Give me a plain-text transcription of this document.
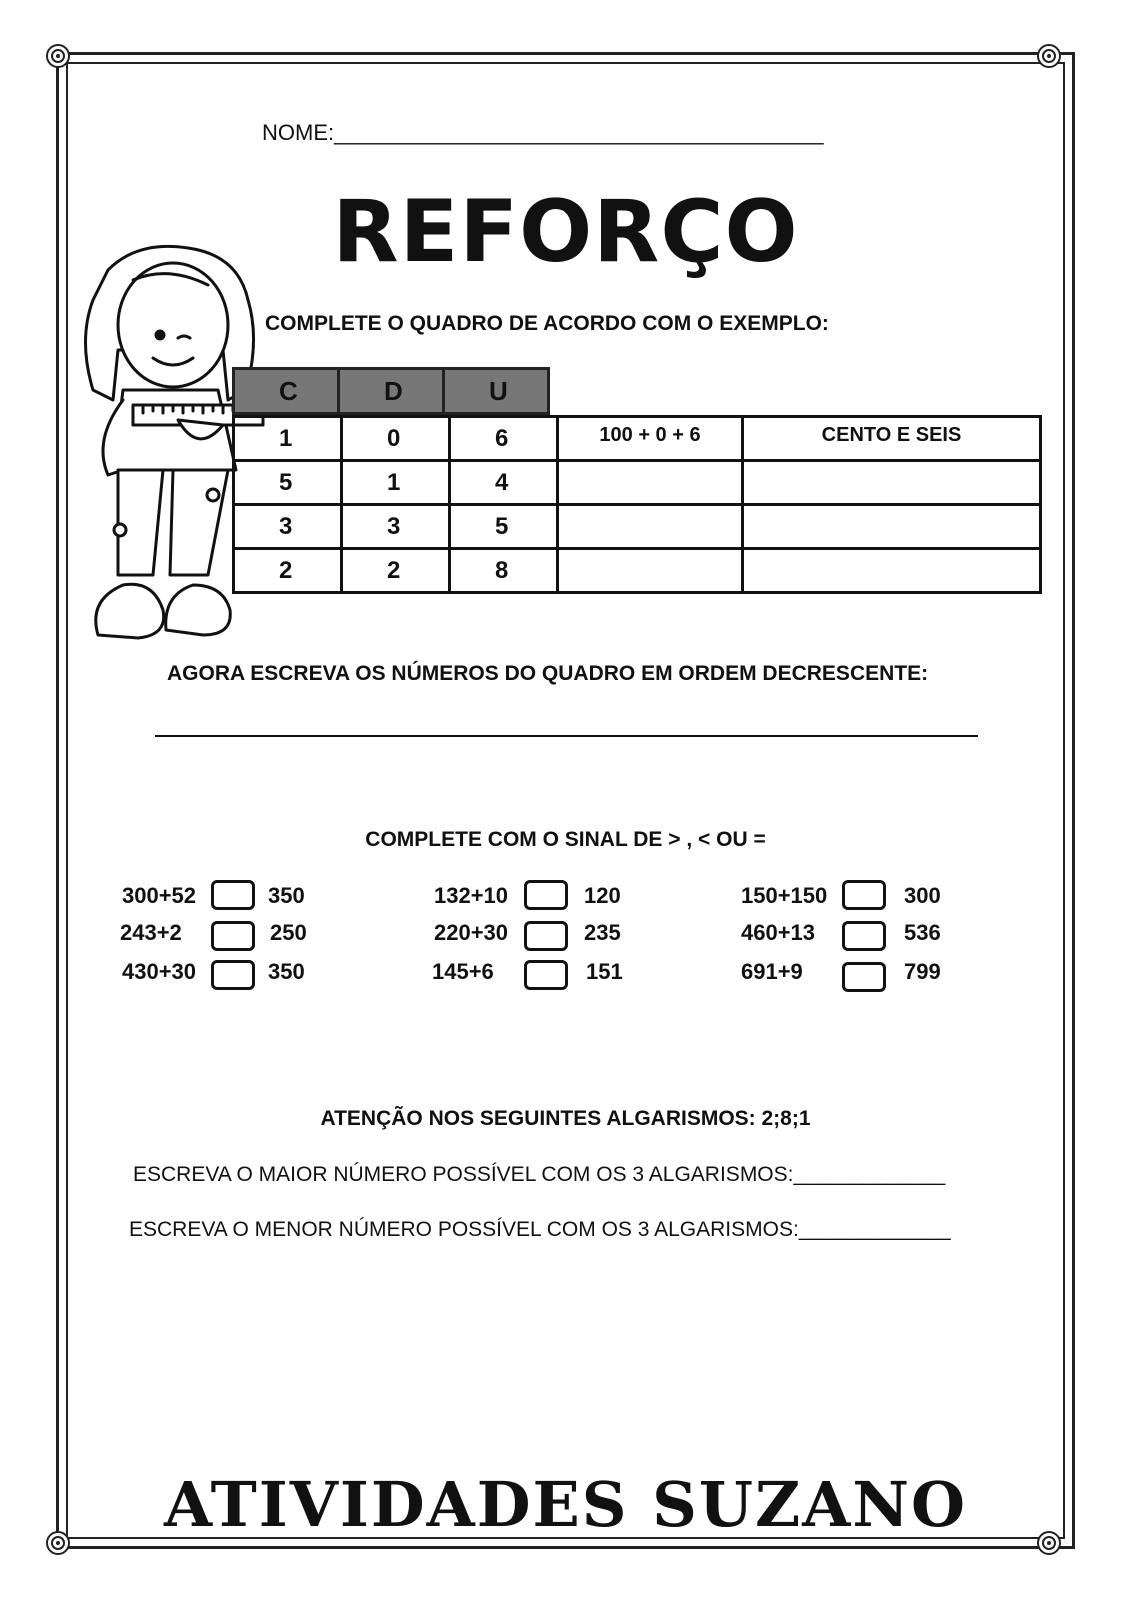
NOME:________________________________________
REFORÇO
COMPLETE O QUADRO DE ACORDO COM O EXEMPLO:
C	D	U
1	0	6	100 + 0 + 6	CENTO E SEIS
5	1	4		
3	3	5		
2	2	8		
AGORA ESCREVA OS NÚMEROS DO QUADRO EM ORDEM DECRESCENTE:
COMPLETE COM O SINAL DE > , < OU =
300+52	350
243+2	250
430+30	350
132+10	120
220+30	235
145+6	151
150+150	300
460+13	536
691+9	799
ATENÇÃO NOS SEGUINTES ALGARISMOS: 2;8;1
ESCREVA O MAIOR NÚMERO POSSÍVEL COM OS 3 ALGARISMOS:_____________
ESCREVA O MENOR NÚMERO POSSÍVEL COM OS 3 ALGARISMOS:_____________
ATIVIDADES SUZANO
